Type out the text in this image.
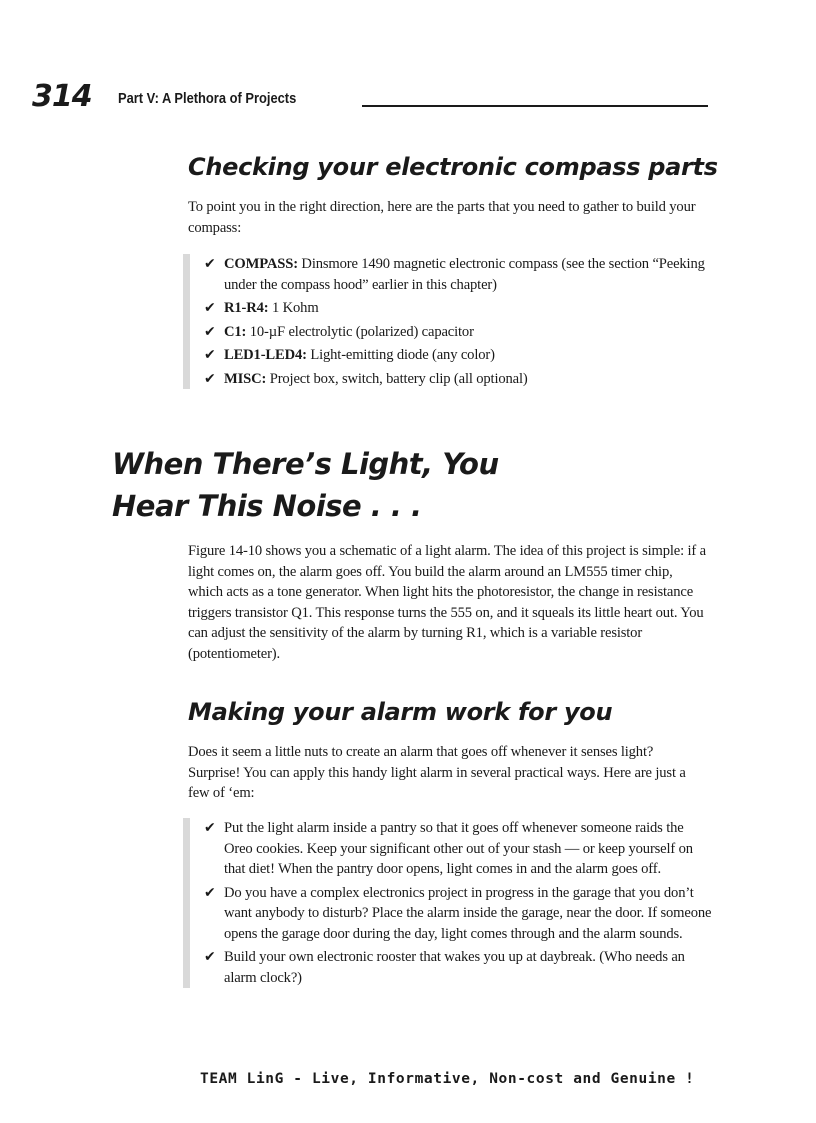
314 Part V: A Plethora of Projects
Checking your electronic compass parts

To point you in the right direction, here are the parts that you need to gather to build your compass:

✔ COMPASS: Dinsmore 1490 magnetic electronic compass (see the section “Peeking under the compass hood” earlier in this chapter)
✔ R1-R4: 1 Kohm
✔ C1: 10-µF electrolytic (polarized) capacitor
✔ LED1-LED4: Light-emitting diode (any color)
✔ MISC: Project box, switch, battery clip (all optional)
When There’s Light, You
Hear This Noise . . .

Figure 14-10 shows you a schematic of a light alarm. The idea of this project is simple: if a light comes on, the alarm goes off. You build the alarm around an LM555 timer chip, which acts as a tone generator. When light hits the photoresistor, the change in resistance triggers transistor Q1. This response turns the 555 on, and it squeals its little heart out. You can adjust the sensitivity of the alarm by turning R1, which is a variable resistor (potentiometer).

Making your alarm work for you

Does it seem a little nuts to create an alarm that goes off whenever it senses light? Surprise! You can apply this handy light alarm in several practical ways. Here are just a few of ‘em:

✔ Put the light alarm inside a pantry so that it goes off whenever someone raids the Oreo cookies. Keep your significant other out of your stash — or keep yourself on that diet! When the pantry door opens, light comes in and the alarm goes off.
✔ Do you have a complex electronics project in progress in the garage that you don’t want anybody to disturb? Place the alarm inside the garage, near the door. If someone opens the garage door during the day, light comes through and the alarm sounds.
✔ Build your own electronic rooster that wakes you up at daybreak. (Who needs an alarm clock?)

TEAM LinG - Live, Informative, Non-cost and Genuine !
